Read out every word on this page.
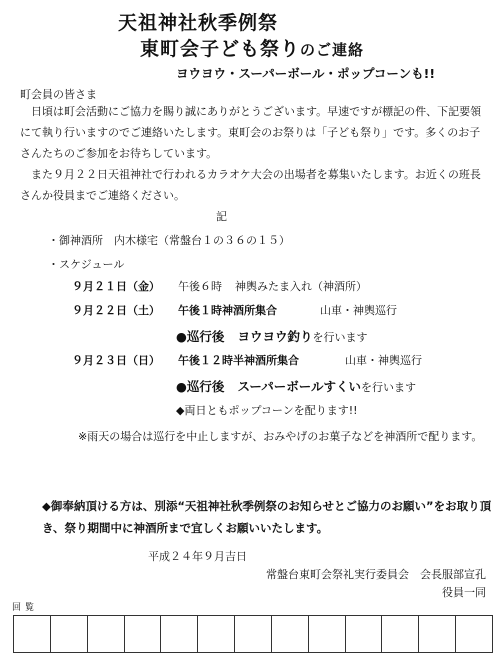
天祖神社秋季例祭
東町会子ども祭りのご連絡
ヨウヨウ・スーパーボール・ポップコーンも!!
町会員の皆さま
日頃は町会活動にご協力を賜り誠にありがとうございます。早速ですが標記の件、下記要領にて執り行いますのでご連絡いたします。東町会のお祭りは「子ども祭り」です。多くのお子さんたちのご参加をお待ちしています。
また９月２２日天祖神社で行われるカラオケ大会の出場者を募集いたします。お近くの班長さんか役員までご連絡ください。
記
・御神酒所　内木様宅（常盤台１の３６の１５）
・スケジュール
９月２１日（金） 午後６時 神輿みたま入れ（神酒所）
９月２２日（土） 午後１時神酒所集合	山車・神輿巡行
●巡行後 ヨウヨウ釣りを行います
９月２３日（日） 午後１２時半神酒所集合	山車・神輿巡行
●巡行後 スーパーボールすくいを行います
◆両日ともポップコーンを配ります!!
※雨天の場合は巡行を中止しますが、おみやげのお菓子などを神酒所で配ります。
◆御奉納頂ける方は、別添“天祖神社秋季例祭のお知らせとご協力のお願い”をお取り頂き、祭り期間中に神酒所まで宜しくお願いいたします。
平成２４年９月吉日
常盤台東町会祭礼実行委員会　会長服部宣孔
役員一同
回覧
